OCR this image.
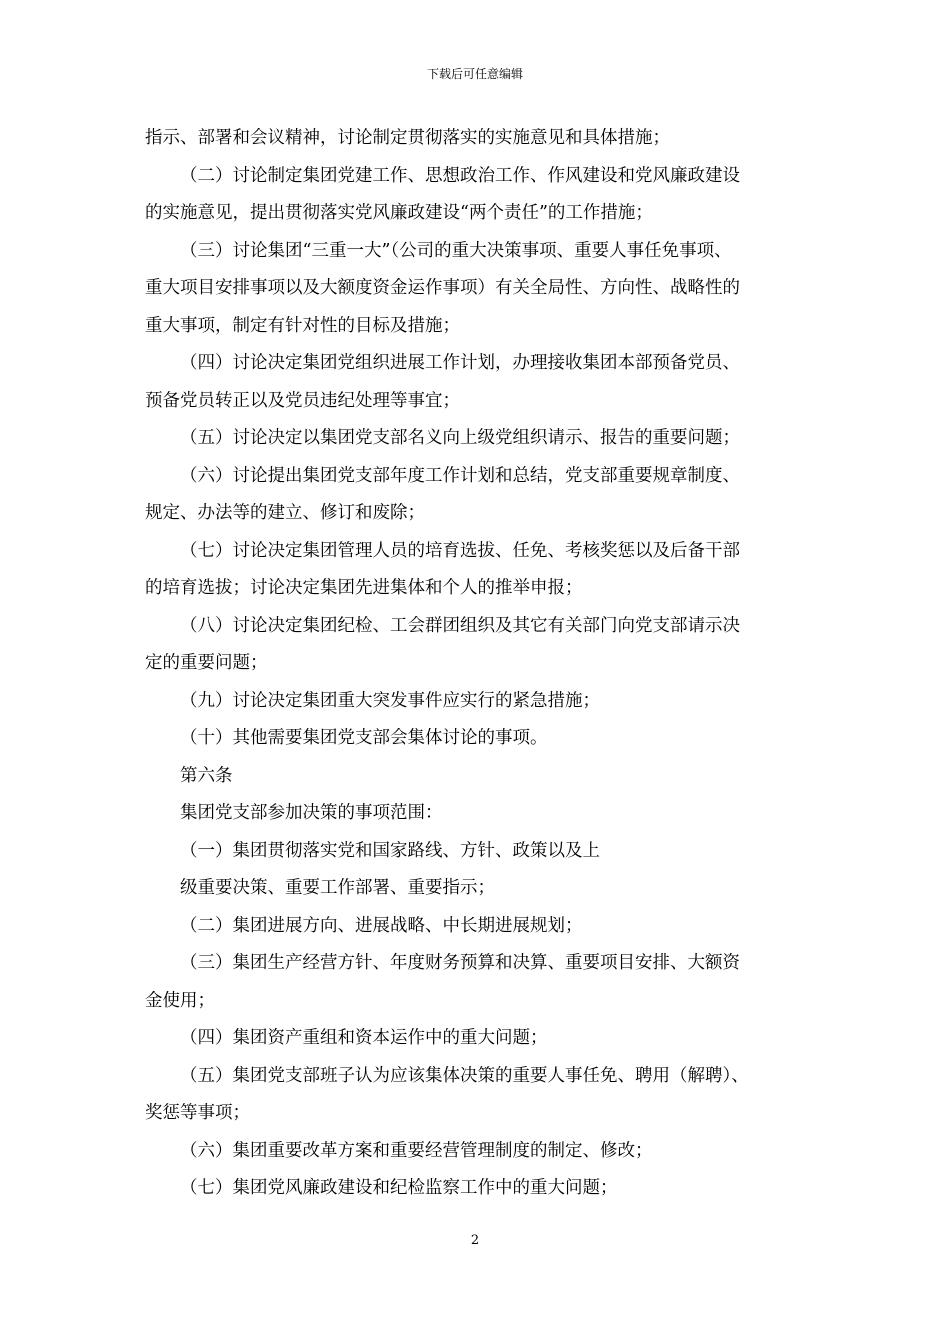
下载后可任意编辑
指示、部署和会议精神，讨论制定贯彻落实的实施意见和具体措施；
（二）讨论制定集团党建工作、思想政治工作、作风建设和党风廉政建设
的实施意见，提出贯彻落实党风廉政建设“两个责任”的工作措施；
（三）讨论集团“三重一大”（公司的重大决策事项、重要人事任免事项、
重大项目安排事项以及大额度资金运作事项）有关全局性、方向性、战略性的
重大事项，制定有针对性的目标及措施；
（四）讨论决定集团党组织进展工作计划，办理接收集团本部预备党员、
预备党员转正以及党员违纪处理等事宜；
（五）讨论决定以集团党支部名义向上级党组织请示、报告的重要问题；
（六）讨论提出集团党支部年度工作计划和总结，党支部重要规章制度、
规定、办法等的建立、修订和废除；
（七）讨论决定集团管理人员的培育选拔、任免、考核奖惩以及后备干部
的培育选拔；讨论决定集团先进集体和个人的推举申报；
（八）讨论决定集团纪检、工会群团组织及其它有关部门向党支部请示决
定的重要问题；
（九）讨论决定集团重大突发事件应实行的紧急措施；
（十）其他需要集团党支部会集体讨论的事项。
第六条
集团党支部参加决策的事项范围：
（一）集团贯彻落实党和国家路线、方针、政策以及上
级重要决策、重要工作部署、重要指示；
（二）集团进展方向、进展战略、中长期进展规划；
（三）集团生产经营方针、年度财务预算和决算、重要项目安排、大额资
金使用；
（四）集团资产重组和资本运作中的重大问题；
（五）集团党支部班子认为应该集体决策的重要人事任免、聘用（解聘）、
奖惩等事项；
（六）集团重要改革方案和重要经营管理制度的制定、修改；
（七）集团党风廉政建设和纪检监察工作中的重大问题；
2
